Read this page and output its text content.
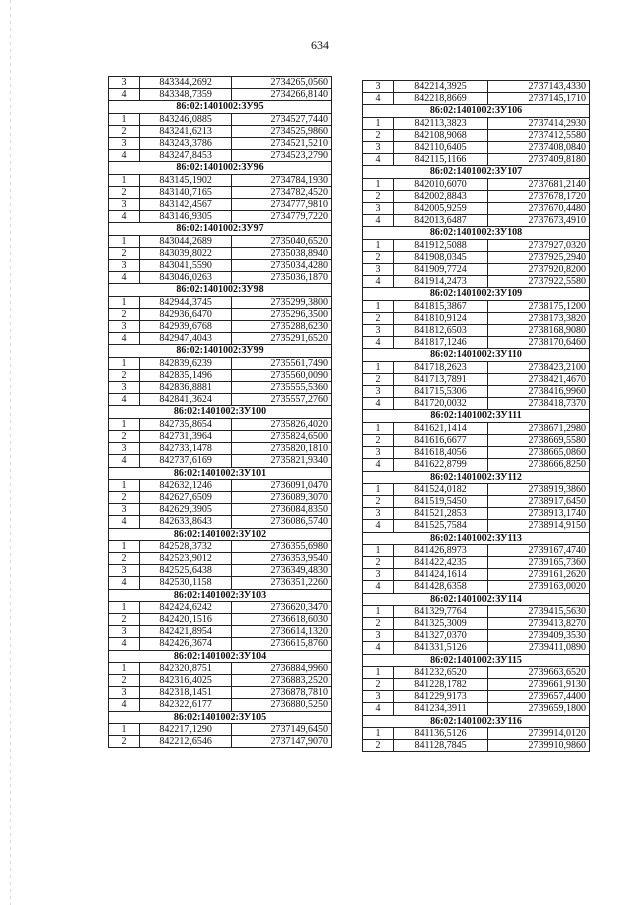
634
3	843344,2692	2734265,0560
4	843348,7359	2734266,8140
86:02:1401002:ЗУ95		
1	843246,0885	2734527,7440
2	843241,6213	2734525,9860
3	843243,3786	2734521,5210
4	843247,8453	2734523,2790
86:02:1401002:ЗУ96		
1	843145,1902	2734784,1930
2	843140,7165	2734782,4520
3	843142,4567	2734777,9810
4	843146,9305	2734779,7220
86:02:1401002:ЗУ97		
1	843044,2689	2735040,6520
2	843039,8022	2735038,8940
3	843041,5590	2735034,4280
4	843046,0263	2735036,1870
86:02:1401002:ЗУ98		
1	842944,3745	2735299,3800
2	842936,6470	2735296,3500
3	842939,6768	2735288,6230
4	842947,4043	2735291,6520
86:02:1401002:ЗУ99		
1	842839,6239	2735561,7490
2	842835,1496	2735560,0090
3	842836,8881	2735555,5360
4	842841,3624	2735557,2760
86:02:1401002:ЗУ100		
1	842735,8654	2735826,4020
2	842731,3964	2735824,6500
3	842733,1478	2735820,1810
4	842737,6169	2735821,9340
86:02:1401002:ЗУ101		
1	842632,1246	2736091,0470
2	842627,6509	2736089,3070
3	842629,3905	2736084,8350
4	842633,8643	2736086,5740
86:02:1401002:ЗУ102		
1	842528,3732	2736355,6980
2	842523,9012	2736353,9540
3	842525,6438	2736349,4830
4	842530,1158	2736351,2260
86:02:1401002:ЗУ103		
1	842424,6242	2736620,3470
2	842420,1516	2736618,6030
3	842421,8954	2736614,1320
4	842426,3674	2736615,8760
86:02:1401002:ЗУ104		
1	842320,8751	2736884,9960
2	842316,4025	2736883,2520
3	842318,1451	2736878,7810
4	842322,6177	2736880,5250
86:02:1401002:ЗУ105		
1	842217,1290	2737149,6450
2	842212,6546	2737147,9070
3	842214,3925	2737143,4330
4	842218,8669	2737145,1710
86:02:1401002:ЗУ106		
1	842113,3823	2737414,2930
2	842108,9068	2737412,5580
3	842110,6405	2737408,0840
4	842115,1166	2737409,8180
86:02:1401002:ЗУ107		
1	842010,6070	2737681,2140
2	842002,8843	2737678,1720
3	842005,9259	2737670,4480
4	842013,6487	2737673,4910
86:02:1401002:ЗУ108		
1	841912,5088	2737927,0320
2	841908,0345	2737925,2940
3	841909,7724	2737920,8200
4	841914,2473	2737922,5580
86:02:1401002:ЗУ109		
1	841815,3867	2738175,1200
2	841810,9124	2738173,3820
3	841812,6503	2738168,9080
4	841817,1246	2738170,6460
86:02:1401002:ЗУ110		
1	841718,2623	2738423,2100
2	841713,7891	2738421,4670
3	841715,5306	2738416,9960
4	841720,0032	2738418,7370
86:02:1401002:ЗУ111		
1	841621,1414	2738671,2980
2	841616,6677	2738669,5580
3	841618,4056	2738665,0860
4	841622,8799	2738666,8250
86:02:1401002:ЗУ112		
1	841524,0182	2738919,3860
2	841519,5450	2738917,6450
3	841521,2853	2738913,1740
4	841525,7584	2738914,9150
86:02:1401002:ЗУ113		
1	841426,8973	2739167,4740
2	841422,4235	2739165,7360
3	841424,1614	2739161,2620
4	841428,6358	2739163,0020
86:02:1401002:ЗУ114		
1	841329,7764	2739415,5630
2	841325,3009	2739413,8270
3	841327,0370	2739409,3530
4	841331,5126	2739411,0890
86:02:1401002:ЗУ115		
1	841232,6520	2739663,6520
2	841228,1782	2739661,9130
3	841229,9173	2739657,4400
4	841234,3911	2739659,1800
86:02:1401002:ЗУ116		
1	841136,5126	2739914,0120
2	841128,7845	2739910,9860
